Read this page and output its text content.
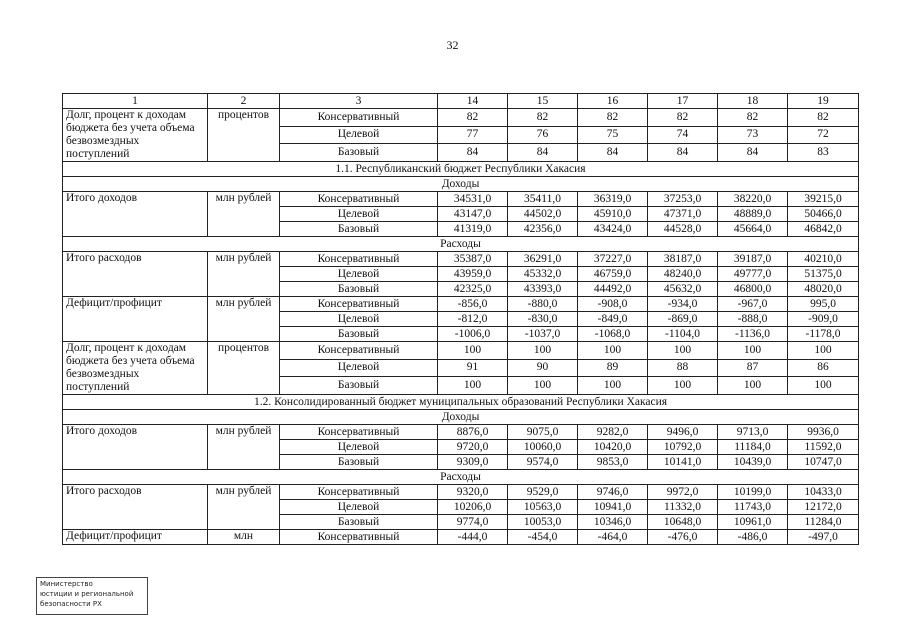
32
1	2	3	14	15	16	17	18	19
Долг, процент к доходам бюджета без учета объема безвозмездных поступлений	процентов	Консервативный	82	82	82	82	82	82
		Целевой	77	76	75	74	73	72
		Базовый	84	84	84	84	84	83
1.1. Республиканский бюджет Республики Хакасия								
Доходы								
Итого доходов	млн рублей	Консервативный	34531,0	35411,0	36319,0	37253,0	38220,0	39215,0
		Целевой	43147,0	44502,0	45910,0	47371,0	48889,0	50466,0
		Базовый	41319,0	42356,0	43424,0	44528,0	45664,0	46842,0
Расходы								
Итого расходов	млн рублей	Консервативный	35387,0	36291,0	37227,0	38187,0	39187,0	40210,0
		Целевой	43959,0	45332,0	46759,0	48240,0	49777,0	51375,0
		Базовый	42325,0	43393,0	44492,0	45632,0	46800,0	48020,0
Дефицит/профицит	млн рублей	Консервативный	-856,0	-880,0	-908,0	-934,0	-967,0	995,0
		Целевой	-812,0	-830,0	-849,0	-869,0	-888,0	-909,0
		Базовый	-1006,0	-1037,0	-1068,0	-1104,0	-1136,0	-1178,0
Долг, процент к доходам бюджета без учета объема безвозмездных поступлений	процентов	Консервативный	100	100	100	100	100	100
		Целевой	91	90	89	88	87	86
		Базовый	100	100	100	100	100	100
1.2. Консолидированный бюджет муниципальных образований Республики Хакасия								
Доходы								
Итого доходов	млн рублей	Консервативный	8876,0	9075,0	9282,0	9496,0	9713,0	9936,0
		Целевой	9720,0	10060,0	10420,0	10792,0	11184,0	11592,0
		Базовый	9309,0	9574,0	9853,0	10141,0	10439,0	10747,0
Расходы								
Итого расходов	млн рублей	Консервативный	9320,0	9529,0	9746,0	9972,0	10199,0	10433,0
		Целевой	10206,0	10563,0	10941,0	11332,0	11743,0	12172,0
		Базовый	9774,0	10053,0	10346,0	10648,0	10961,0	11284,0
Дефицит/профицит	млн	Консервативный	-444,0	-454,0	-464,0	-476,0	-486,0	-497,0
Министерство
юстиции и региональной
безопасности РХ
